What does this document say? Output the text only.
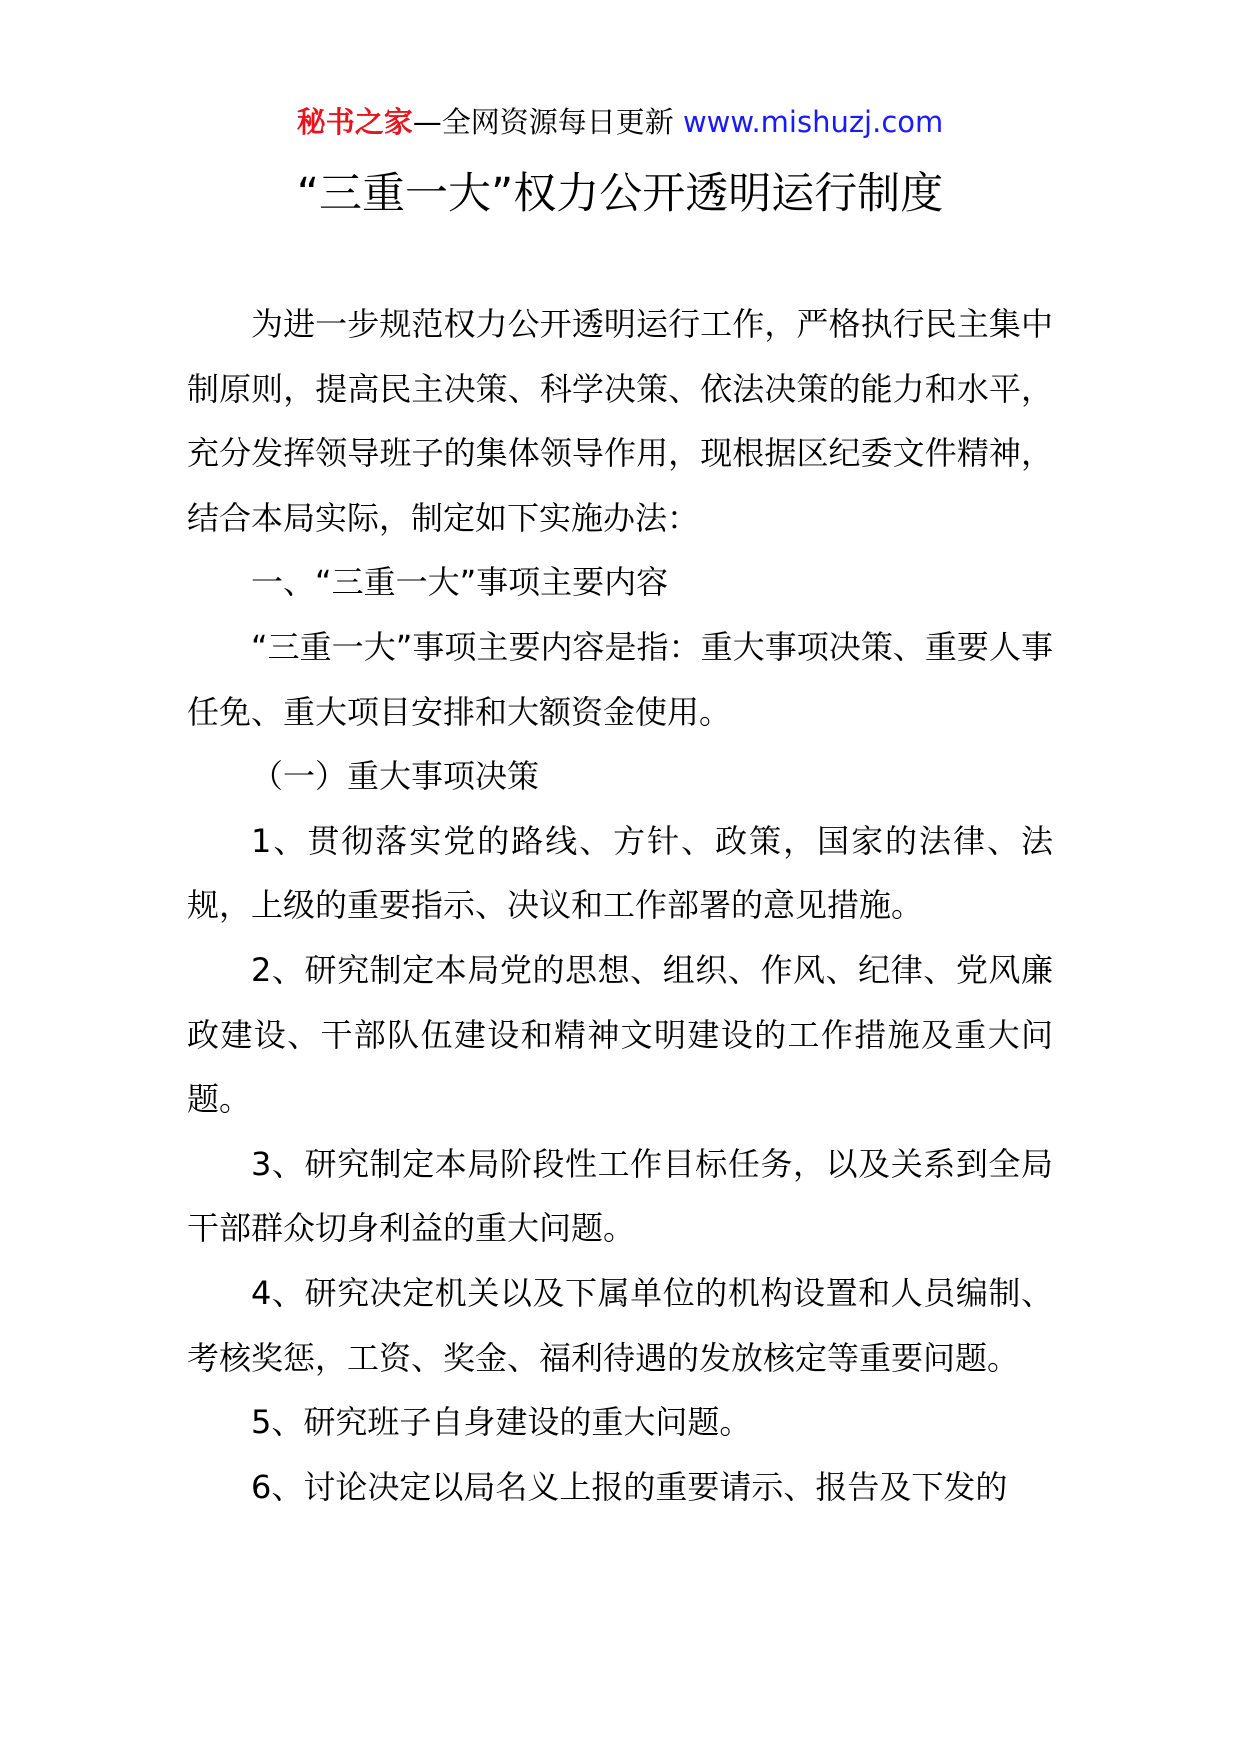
秘书之家—全网资源每日更新 www.mishuzj.com
“三重一大”权力公开透明运行制度

为进一步规范权力公开透明运行工作，严格执行民主集中制原则，提高民主决策、科学决策、依法决策的能力和水平，充分发挥领导班子的集体领导作用，现根据区纪委文件精神，结合本局实际，制定如下实施办法：

一、“三重一大”事项主要内容

“三重一大”事项主要内容是指：重大事项决策、重要人事任免、重大项目安排和大额资金使用。

（一）重大事项决策

1、贯彻落实党的路线、方针、政策，国家的法律、法规，上级的重要指示、决议和工作部署的意见措施。

2、研究制定本局党的思想、组织、作风、纪律、党风廉政建设、干部队伍建设和精神文明建设的工作措施及重大问题。

3、研究制定本局阶段性工作目标任务，以及关系到全局干部群众切身利益的重大问题。

4、研究决定机关以及下属单位的机构设置和人员编制、考核奖惩，工资、奖金、福利待遇的发放核定等重要问题。

5、研究班子自身建设的重大问题。

6、讨论决定以局名义上报的重要请示、报告及下发的
